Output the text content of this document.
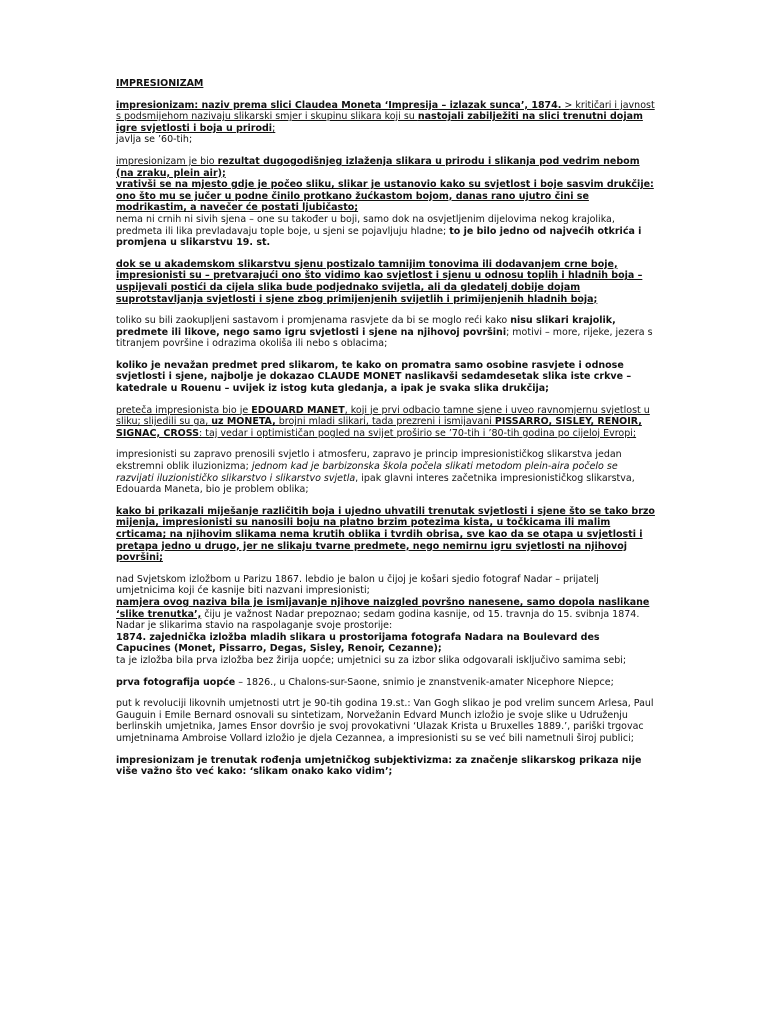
IMPRESIONIZAM
impresionizam: naziv prema slici Claudea Moneta ‘Impresija – izlazak sunca’, 1874. > kritičari i javnost s podsmijehom nazivaju slikarski smjer i skupinu slikara koji su nastojali zabilježiti na slici trenutni dojam igre svjetlosti i boja u prirodi;
javlja se ’60-tih;
impresionizam je bio rezultat dugogodišnjeg izlaženja slikara u prirodu i slikanja pod vedrim nebom (na zraku, plein air);
vrativši se na mjesto gdje je počeo sliku, slikar je ustanovio kako su svjetlost i boje sasvim drukčije: ono što mu se jučer u podne činilo protkano žućkastom bojom, danas rano ujutro čini se modrikastim, a navečer će postati ljubičasto;
nema ni crnih ni sivih sjena – one su također u boji, samo dok na osvjetljenim dijelovima nekog krajolika, predmeta ili lika prevladavaju tople boje, u sjeni se pojavljuju hladne; to je bilo jedno od najvećih otkrića i promjena u slikarstvu 19. st.
dok se u akademskom slikarstvu sjenu postizalo tamnijim tonovima ili dodavanjem crne boje, impresionisti su – pretvarajući ono što vidimo kao svjetlost i sjenu u odnosu toplih i hladnih boja – uspijevali postići da cijela slika bude podjednako svijetla, ali da gledatelj dobije dojam suprotstavljanja svjetlosti i sjene zbog primijenjenih svijetlih i primijenjenih hladnih boja;
toliko su bili zaokupljeni sastavom i promjenama rasvjete da bi se moglo reći kako nisu slikari krajolik, predmete ili likove, nego samo igru svjetlosti i sjene na njihovoj površini; motivi – more, rijeke, jezera s titranjem površine i odrazima okoliša ili nebo s oblacima;
koliko je nevažan predmet pred slikarom, te kako on promatra samo osobine rasvjete i odnose svjetlosti i sjene, najbolje je dokazao CLAUDE MONET naslikavši sedamdesetak slika iste crkve – katedrale u Rouenu – uvijek iz istog kuta gledanja, a ipak je svaka slika drukčija;
preteča impresionista bio je EDOUARD MANET, koji je prvi odbacio tamne sjene i uveo ravnomjernu svjetlost u sliku; slijedili su ga, uz MONETA, brojni mladi slikari, tada prezreni i ismijavani PISSARRO, SISLEY, RENOIR, SIGNAC, CROSS: taj vedar i optimističan pogled na svijet proširio se ’70-tih i ’80-tih godina po cijeloj Evropi;
impresionisti su zapravo prenosili svjetlo i atmosferu, zapravo je princip impresionističkog slikarstva jedan ekstremni oblik iluzionizma; jednom kad je barbizonska škola počela slikati metodom plein-aira počelo se razvijati iluzionističko slikarstvo i slikarstvo svjetla, ipak glavni interes začetnika impresionističkog slikarstva, Edouarda Maneta, bio je problem oblika;
kako bi prikazali miješanje različitih boja i ujedno uhvatili trenutak svjetlosti i sjene što se tako brzo mijenja, impresionisti su nanosili boju na platno brzim potezima kista, u točkicama ili malim crticama; na njihovim slikama nema krutih oblika i tvrdih obrisa, sve kao da se otapa u svjetlosti i pretapa jedno u drugo, jer ne slikaju tvarne predmete, nego nemirnu igru svjetlosti na njihovoj površini;
nad Svjetskom izložbom u Parizu 1867. lebdio je balon u čijoj je košari sjedio fotograf Nadar – prijatelj umjetnicima koji će kasnije biti nazvani impresionisti;
namjera ovog naziva bila je ismijavanje njihove naizgled površno nanesene, samo dopola naslikane ‘slike trenutka’, čiju je važnost Nadar prepoznao; sedam godina kasnije, od 15. travnja do 15. svibnja 1874. Nadar je slikarima stavio na raspolaganje svoje prostorije:
1874. zajednička izložba mladih slikara u prostorijama fotografa Nadara na Boulevard des Capucines (Monet, Pissarro, Degas, Sisley, Renoir, Cezanne);
ta je izložba bila prva izložba bez žirija uopće; umjetnici su za izbor slika odgovarali isključivo samima sebi;
prva fotografija uopće – 1826., u Chalons-sur-Saone, snimio je znanstvenik-amater Nicephore Niepce;
put k revoluciji likovnih umjetnosti utrt je 90-tih godina 19.st.: Van Gogh slikao je pod vrelim suncem Arlesa, Paul Gauguin i Emile Bernard osnovali su sintetizam, Norvežanin Edvard Munch izložio je svoje slike u Udruženju berlinskih umjetnika, James Ensor dovršio je svoj provokativni ‘Ulazak Krista u Bruxelles 1889.’, pariški trgovac umjetninama Ambroise Vollard izložio je djela Cezannea, a impresionisti su se već bili nametnuli širој publici;
impresionizam je trenutak rođenja umjetničkog subjektivizma: za značenje slikarskog prikaza nije više važno što već kako: ‘slikam onako kako vidim’;
